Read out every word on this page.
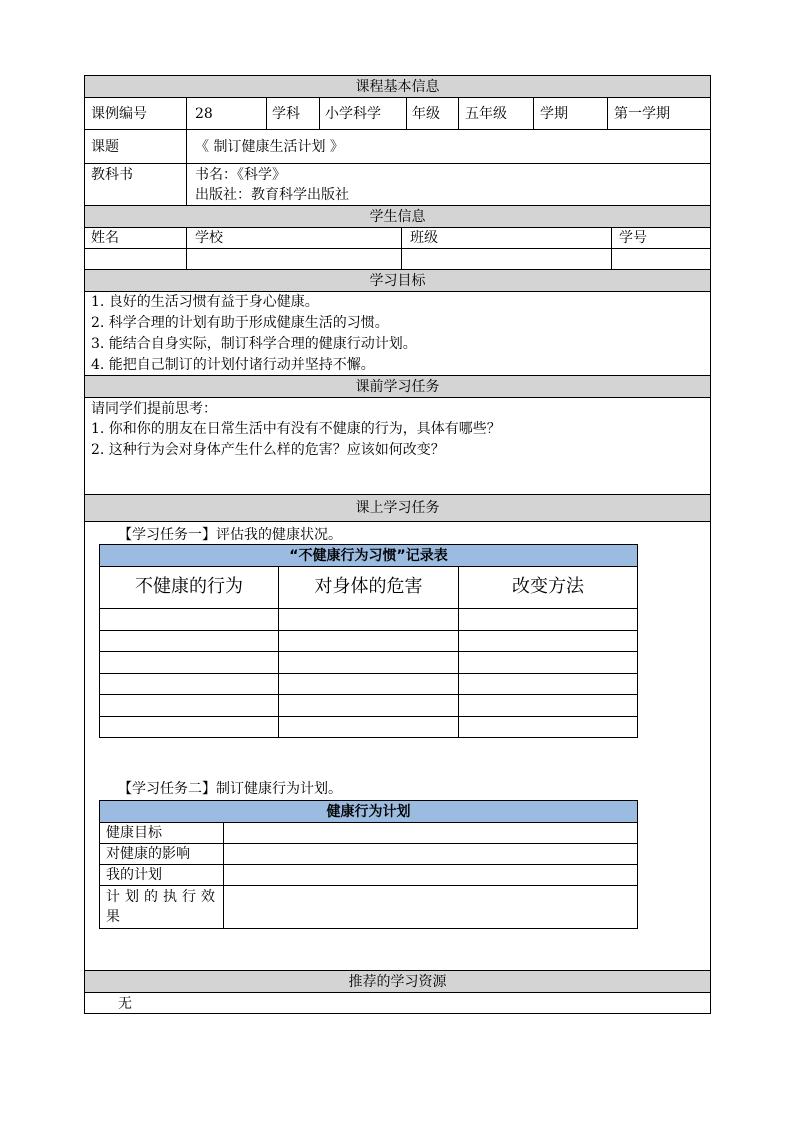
课程基本信息
课例编号	28	学科 小学科学 年级 五年级 学期	第一学期
课题	《 制订健康生活计划 》
教科书	书名：《科学》
出版社：教育科学出版社
学生信息
姓名	学校	班级	学号
学习目标
1. 良好的生活习惯有益于身心健康。
2. 科学合理的计划有助于形成健康生活的习惯。
3. 能结合自身实际，制订科学合理的健康行动计划。
4. 能把自己制订的计划付诸行动并坚持不懈。
课前学习任务
请同学们提前思考：
1. 你和你的朋友在日常生活中有没有不健康的行为，具体有哪些？
2. 这种行为会对身体产生什么样的危害？应该如何改变？
课上学习任务
【学习任务一】评估我的健康状况。
“不健康行为习惯”记录表
不健康的行为	对身体的危害	改变方法
【学习任务二】制订健康行为计划。
健康行为计划
健康目标
对健康的影响
我的计划
计划的执行效
果
推荐的学习资源
无
